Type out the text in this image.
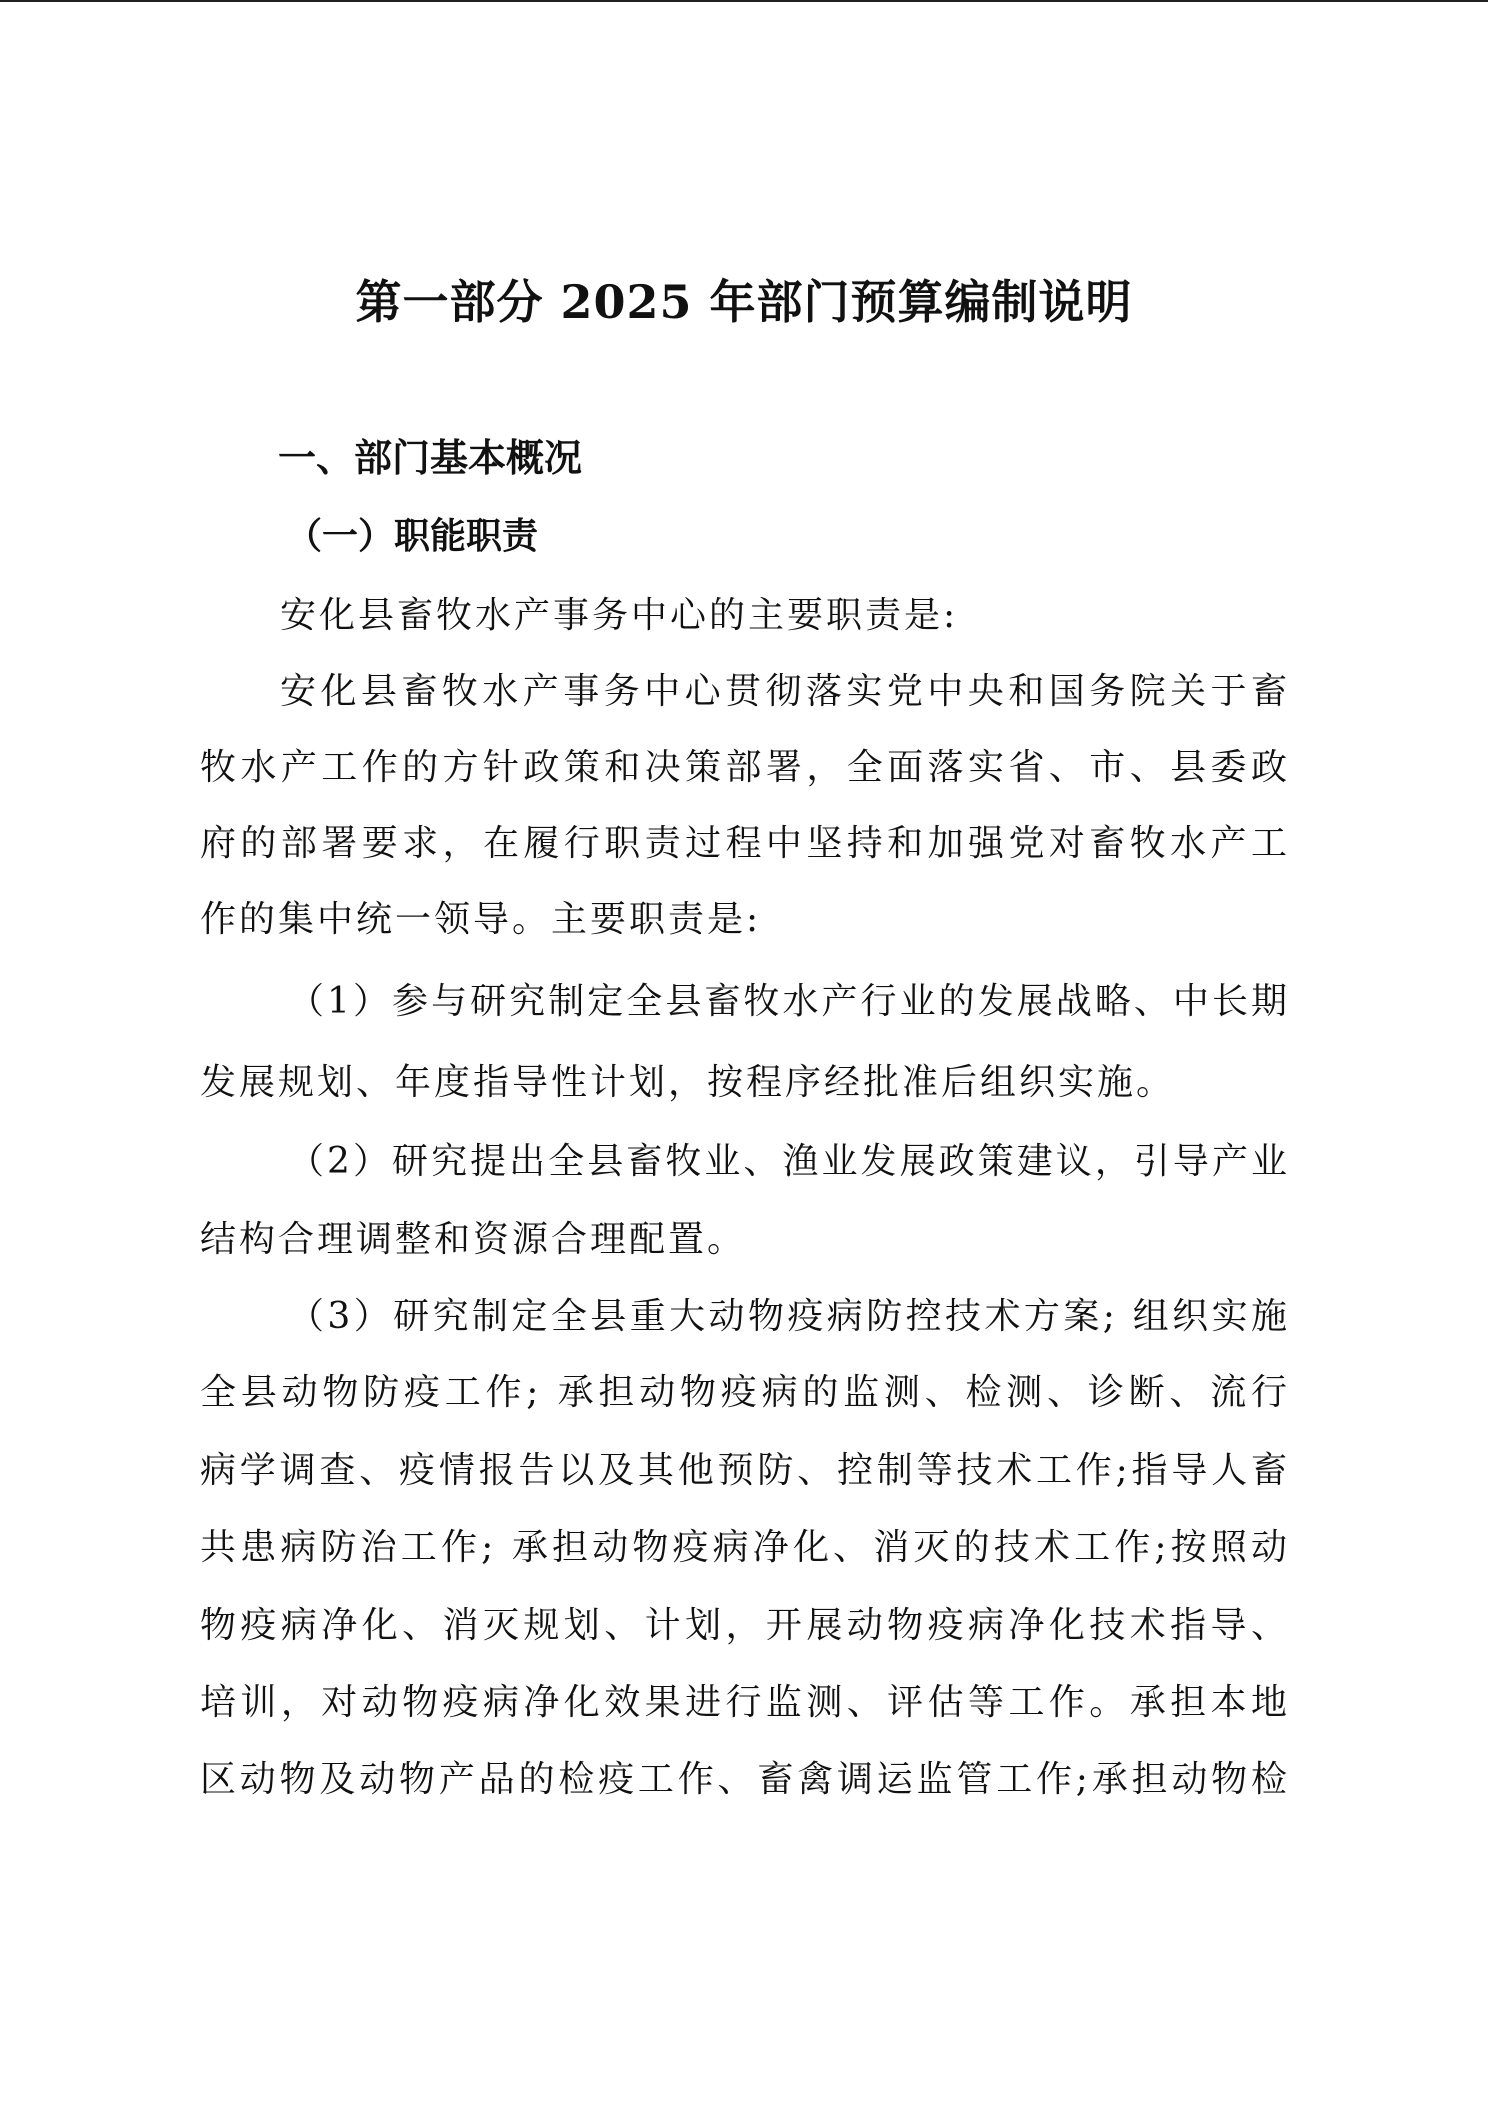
第一部分 2025 年部门预算编制说明
一、部门基本概况
（一）职能职责
安化县畜牧水产事务中心的主要职责是:
安化县畜牧水产事务中心贯彻落实党中央和国务院关于畜
牧水产工作的方针政策和决策部署，全面落实省、市、县委政
府的部署要求，在履行职责过程中坚持和加强党对畜牧水产工
作的集中统一领导。主要职责是:
（1）参与研究制定全县畜牧水产行业的发展战略、中长期
发展规划、年度指导性计划，按程序经批准后组织实施。
（2）研究提出全县畜牧业、渔业发展政策建议，引导产业
结构合理调整和资源合理配置。
（3）研究制定全县重大动物疫病防控技术方案; 组织实施
全县动物防疫工作; 承担动物疫病的监测、检测、诊断、流行
病学调查、疫情报告以及其他预防、控制等技术工作;指导人畜
共患病防治工作; 承担动物疫病净化、消灭的技术工作;按照动
物疫病净化、消灭规划、计划，开展动物疫病净化技术指导、
培训，对动物疫病净化效果进行监测、评估等工作。承担本地
区动物及动物产品的检疫工作、畜禽调运监管工作;承担动物检
